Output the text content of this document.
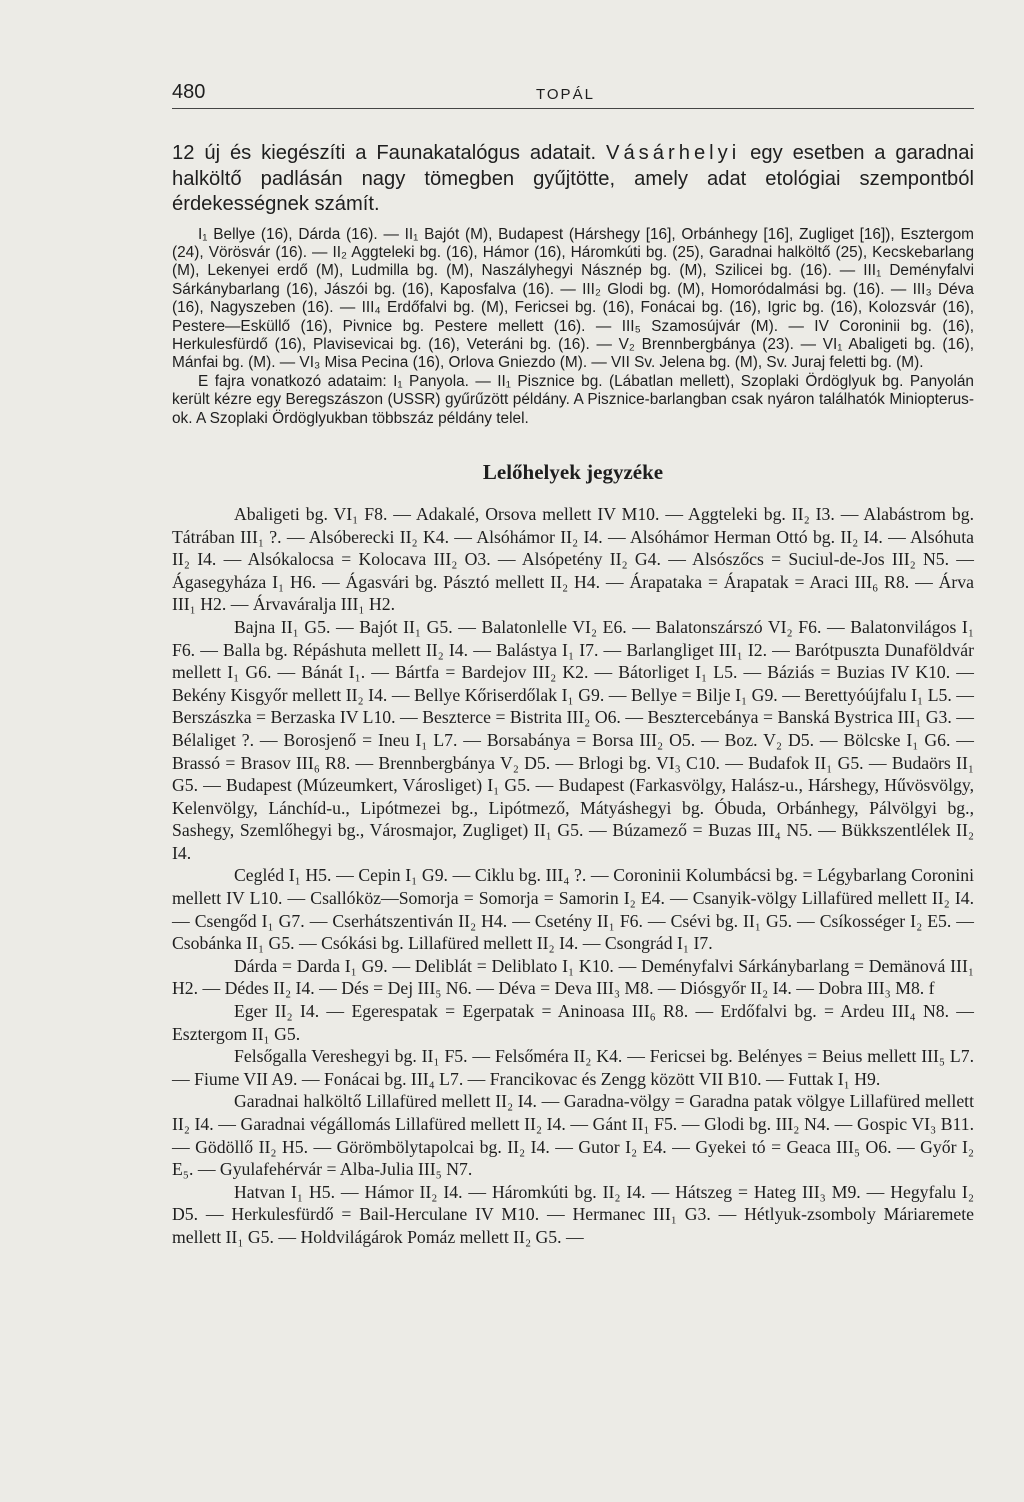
480	TOPÁL

12 új és kiegészíti a Faunakatalógus adatait. Vásárhelyi egy esetben a garadnai halköltő padlásán nagy tömegben gyűjtötte, amely adat etológiai szempontból érdekességnek számít.

I₁ Bellye (16), Dárda (16). — II₁ Bajót (M), Budapest (Hárshegy [16], Orbánhegy [16], Zugliget [16]), Esztergom (24), Vörösvár (16). — II₂ Aggteleki bg. (16), Hámor (16), Háromkúti bg. (25), Garadnai halköltő (25), Kecskebarlang (M), Lekenyei erdő (M), Ludmilla bg. (M), Naszályhegyi Násznép bg. (M), Szilicei bg. (16). — III₁ Deményfalvi Sárkánybarlang (16), Jászói bg. (16), Kaposfalva (16). — III₂ Glodi bg. (M), Homoródalmási bg. (16). — III₃ Déva (16), Nagyszeben (16). — III₄ Erdőfalvi bg. (M), Fericsei bg. (16), Fonácai bg. (16), Igric bg. (16), Kolozsvár (16), Pestere—Esküllő (16), Pivnice bg. Pestere mellett (16). — III₅ Szamosújvár (M). — IV Coroninii bg. (16), Herkulesfürdő (16), Plavisevicai bg. (16), Veteráni bg. (16). — V₂ Brennbergbánya (23). — VI₁ Abaligeti bg. (16), Mánfai bg. (M). — VI₃ Misa Pecina (16), Orlova Gniezdo (M). — VII Sv. Jelena bg. (M), Sv. Juraj feletti bg. (M).

E fajra vonatkozó adataim: I₁ Panyola. — II₁ Pisznice bg. (Lábatlan mellett), Szoplaki Ördöglyuk bg. Panyolán került kézre egy Beregszászon (USSR) gyűrűzött példány. A Pisznice-barlangban csak nyáron találhatók Miniopterus-ok. A Szoplaki Ördöglyukban többszáz példány telel.

Lelőhelyek jegyzéke

Abaligeti bg. VI₁ F8. — Adakalé, Orsova mellett IV M10. — Aggteleki bg. II₂ I3. — Alabástrom bg. Tátrában III₁ ?. — Alsóberecki II₂ K4. — Alsóhámor II₂ I4. — Alsóhámor Herman Ottó bg. II₂ I4. — Alsóhuta II₂ I4. — Alsókalocsa = Kolocava III₂ O3. — Alsópetény II₂ G4. — Alsószőcs = Suciul-de-Jos III₂ N5. — Ágasegyháza I₁ H6. — Ágasvári bg. Pásztó mellett II₂ H4. — Árapataka = Árapatak = Araci III₆ R8. — Árva III₁ H2. — Árvaváralja III₁ H2.

Bajna II₁ G5. — Bajót II₁ G5. — Balatonlelle VI₂ E6. — Balatonszárszó VI₂ F6. — Balatonvilágos I₁ F6. — Balla bg. Répáshuta mellett II₂ I4. — Balástya I₁ I7. — Barlangliget III₁ I2. — Barótpuszta Dunaföldvár mellett I₁ G6. — Bánát I₁. — Bártfa = Bardejov III₂ K2. — Bátorliget I₁ L5. — Báziás = Buzias IV K10. — Bekény Kisgyőr mellett II₂ I4. — Bellye Kőriserdőlak I₁ G9. — Bellye = Bilje I₁ G9. — Berettyóújfalu I₁ L5. — Berszászka = Berzaska IV L10. — Beszterce = Bistrita III₂ O6. — Besztercebánya = Banská Bystrica III₁ G3. — Bélaliget ?. — Borosjenő = Ineu I₁ L7. — Borsabánya = Borsa III₂ O5. — Boz. V₂ D5. — Bölcske I₁ G6. — Brassó = Brasov III₆ R8. — Brennbergbánya V₂ D5. — Brlogi bg. VI₃ C10. — Budafok II₁ G5. — Budaörs II₁ G5. — Budapest (Múzeumkert, Városliget) I₁ G5. — Budapest (Farkasvölgy, Halász-u., Hárshegy, Hűvösvölgy, Kelenvölgy, Lánchíd-u., Lipótmezei bg., Lipótmező, Mátyáshegyi bg. Óbuda, Orbánhegy, Pálvölgyi bg., Sashegy, Szemlőhegyi bg., Városmajor, Zugliget) II₁ G5. — Búzamező = Buzas III₄ N5. — Bükkszentlélek II₂ I4.

Cegléd I₁ H5. — Cepin I₁ G9. — Ciklu bg. III₄ ?. — Coroninii Kolumbácsi bg. = Légybarlang Coronini mellett IV L10. — Csallóköz—Somorja = Somorja = Samorin I₂ E4. — Csanyik-völgy Lillafüred mellett II₂ I4. — Csengőd I₁ G7. — Cserhátszentiván II₂ H4. — Csetény II₁ F6. — Csévi bg. II₁ G5. — Csíkosséger I₂ E5. — Csobánka II₁ G5. — Csókási bg. Lillafüred mellett II₂ I4. — Csongrád I₁ I7.

Dárda = Darda I₁ G9. — Deliblát = Deliblato I₁ K10. — Deményfalvi Sárkánybarlang = Demänová III₁ H2. — Dédes II₂ I4. — Dés = Dej III₅ N6. — Déva = Deva III₃ M8. — Diósgyőr II₂ I4. — Dobra III₃ M8. f

Eger II₂ I4. — Egerespatak = Egerpatak = Aninoasa III₆ R8. — Erdőfalvi bg. = Ardeu III₄ N8. — Esztergom II₁ G5.

Felsőgalla Vereshegyi bg. II₁ F5. — Felsőméra II₂ K4. — Fericsei bg. Belényes = Beius mellett III₅ L7. — Fiume VII A9. — Fonácai bg. III₄ L7. — Francikovac és Zengg között VII B10. — Futtak I₁ H9.

Garadnai halköltő Lillafüred mellett II₂ I4. — Garadna-völgy = Garadna patak völgye Lillafüred mellett II₂ I4. — Garadnai végállomás Lillafüred mellett II₂ I4. — Gánt II₁ F5. — Glodi bg. III₂ N4. — Gospic VI₃ B11. — Gödöllő II₂ H5. — Görömbölytapolcai bg. II₂ I4. — Gutor I₂ E4. — Gyekei tó = Geaca III₅ O6. — Győr I₂ E₅. — Gyulafehérvár = Alba-Julia III₅ N7.

Hatvan I₁ H5. — Hámor II₂ I4. — Háromkúti bg. II₂ I4. — Hátszeg = Hateg III₃ M9. — Hegyfalu I₂ D5. — Herkulesfürdő = Bail-Herculane IV M10. — Hermanec III₁ G3. — Hétlyuk-zsomboly Máriaremete mellett II₁ G5. — Holdvilágárok Pomáz mellett II₂ G5. —
